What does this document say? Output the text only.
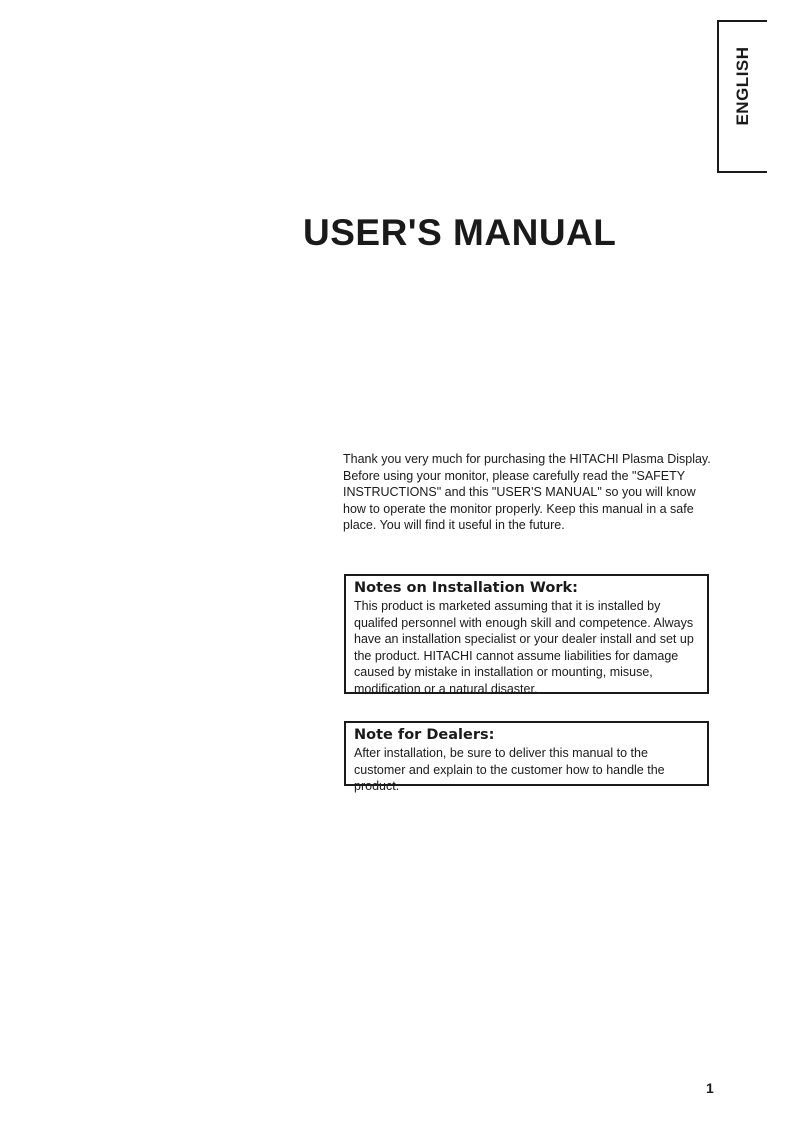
ENGLISH
USER'S MANUAL

Thank you very much for purchasing the HITACHI Plasma Display. Before using your monitor, please carefully read the "SAFETY INSTRUCTIONS" and this "USER'S MANUAL" so you will know how to operate the monitor properly. Keep this manual in a safe place. You will find it useful in the future.

Notes on Installation Work:

This product is marketed assuming that it is installed by qualifed personnel with enough skill and competence. Always have an installation specialist or your dealer install and set up the product. HITACHI cannot assume liabilities for damage caused by mistake in installation or mounting, misuse, modification or a natural disaster.

Note for Dealers:

After installation, be sure to deliver this manual to the customer and explain to the customer how to handle the product.

1
